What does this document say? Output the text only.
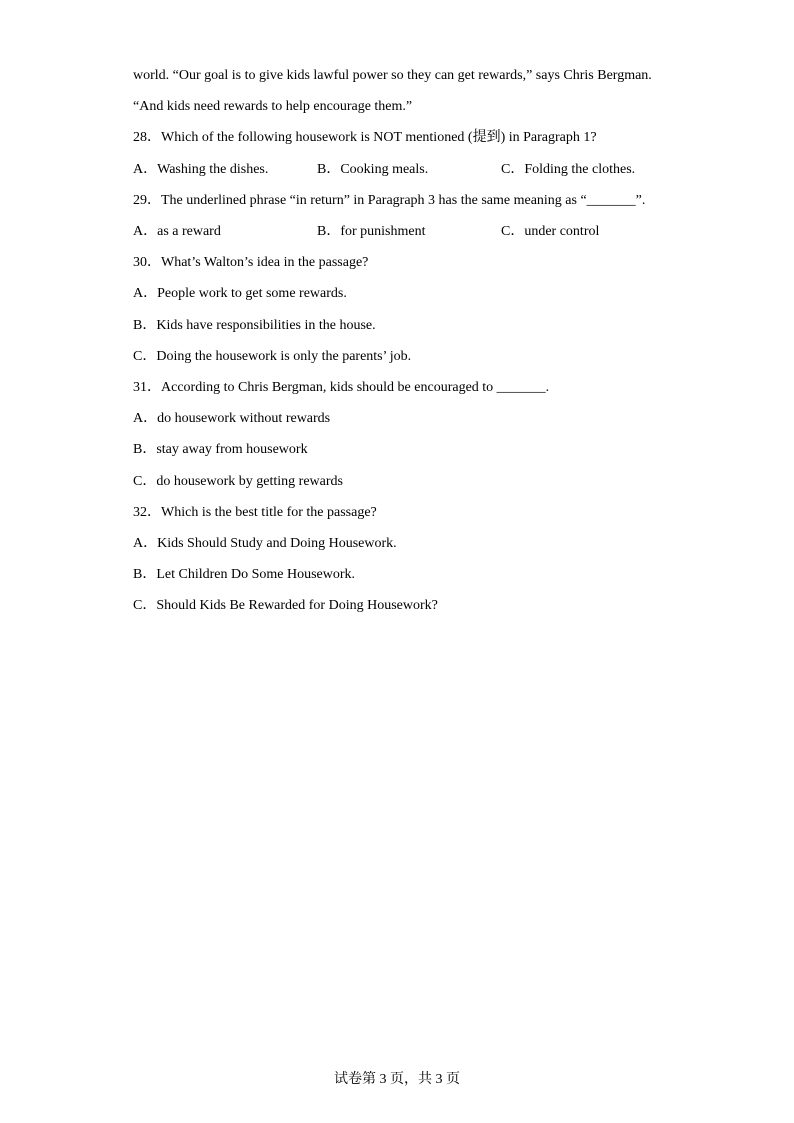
world. “Our goal is to give kids lawful power so they can get rewards,” says Chris Bergman.
“And kids need rewards to help encourage them.”
28．Which of the following housework is NOT mentioned (提到) in Paragraph 1?
A．Washing the dishes.	B．Cooking meals.	C．Folding the clothes.
29．The underlined phrase “in return” in Paragraph 3 has the same meaning as “_______”.
A．as a reward	B．for punishment	C．under control
30．What’s Walton’s idea in the passage?
A．People work to get some rewards.
B．Kids have responsibilities in the house.
C．Doing the housework is only the parents’ job.
31．According to Chris Bergman, kids should be encouraged to _______.
A．do housework without rewards
B．stay away from housework
C．do housework by getting rewards
32．Which is the best title for the passage?
A．Kids Should Study and Doing Housework.
B．Let Children Do Some Housework.
C．Should Kids Be Rewarded for Doing Housework?
试卷第 3 页，共 3 页
